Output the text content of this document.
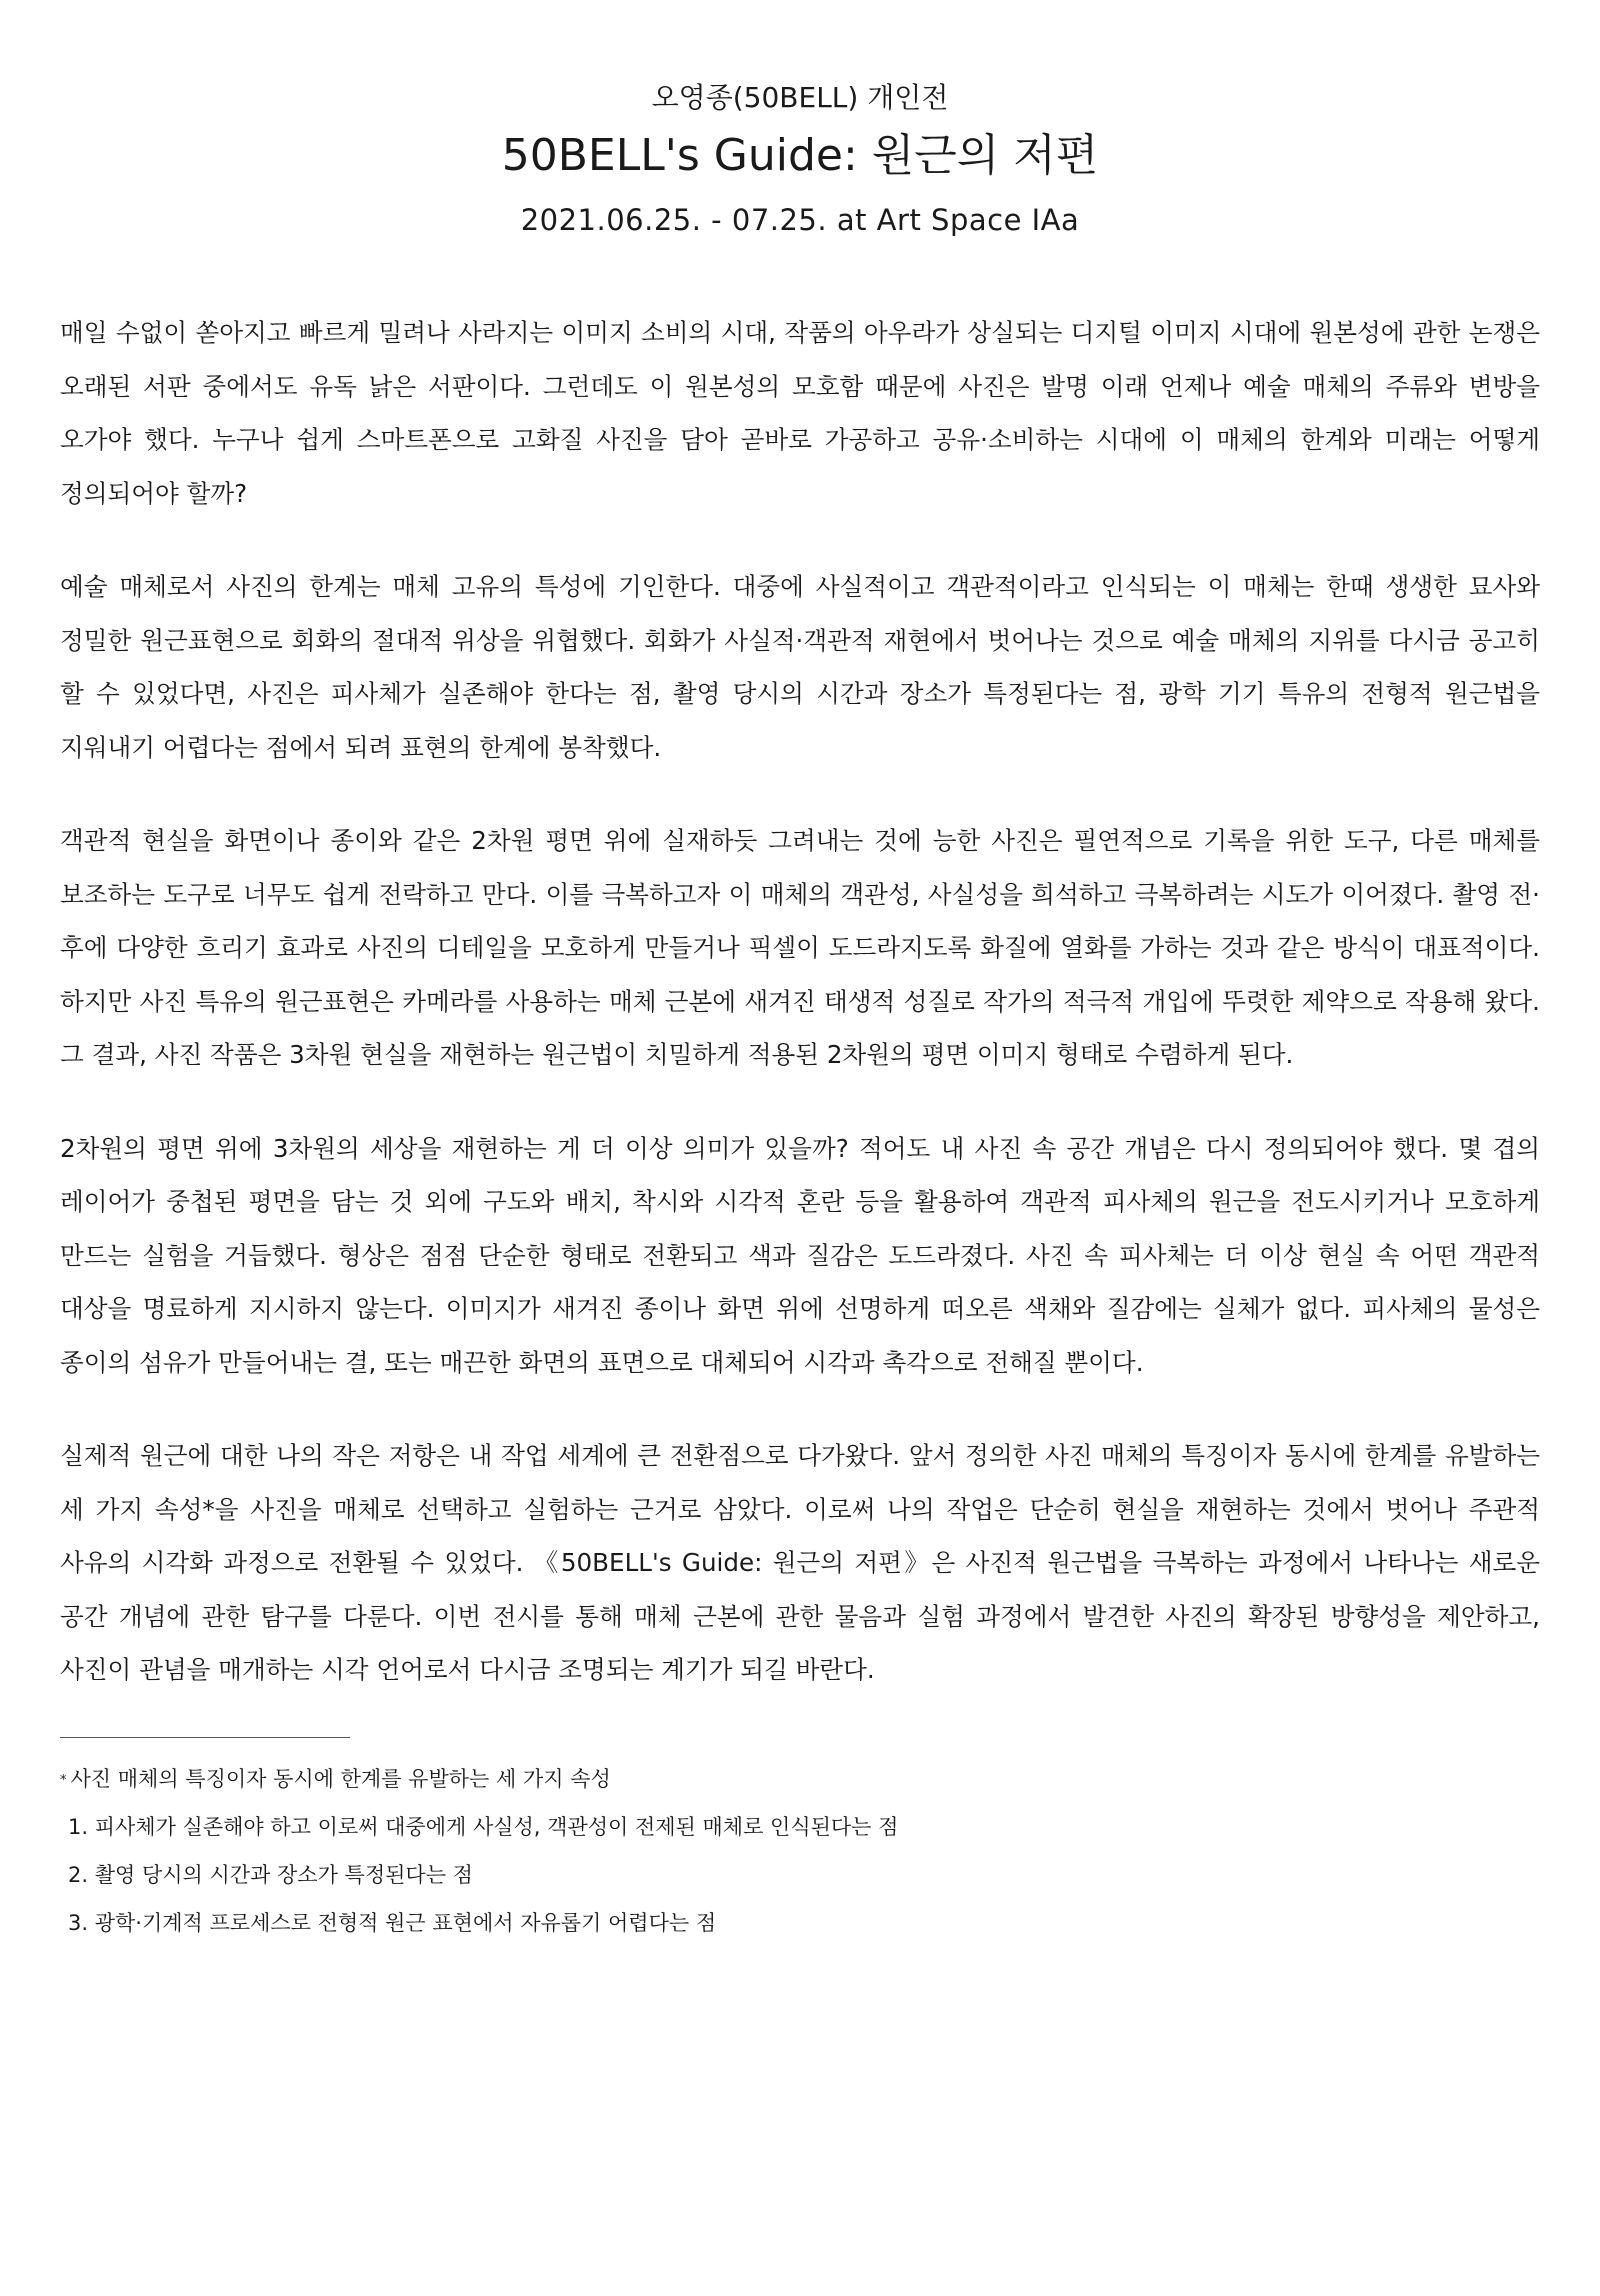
오영종(50BELL) 개인전

50BELL's Guide: 원근의 저편

2021.06.25. - 07.25. at Art Space IAa

매일 수없이 쏟아지고 빠르게 밀려나 사라지는 이미지 소비의 시대, 작품의 아우라가 상실되는 디지털 이미지 시대에 원본성에 관한 논쟁은 오래된 서판 중에서도 유독 낡은 서판이다. 그런데도 이 원본성의 모호함 때문에 사진은 발명 이래 언제나 예술 매체의 주류와 변방을 오가야 했다. 누구나 쉽게 스마트폰으로 고화질 사진을 담아 곧바로 가공하고 공유·소비하는 시대에 이 매체의 한계와 미래는 어떻게 정의되어야 할까?

예술 매체로서 사진의 한계는 매체 고유의 특성에 기인한다. 대중에 사실적이고 객관적이라고 인식되는 이 매체는 한때 생생한 묘사와 정밀한 원근표현으로 회화의 절대적 위상을 위협했다. 회화가 사실적·객관적 재현에서 벗어나는 것으로 예술 매체의 지위를 다시금 공고히 할 수 있었다면, 사진은 피사체가 실존해야 한다는 점, 촬영 당시의 시간과 장소가 특정된다는 점, 광학 기기 특유의 전형적 원근법을 지워내기 어렵다는 점에서 되려 표현의 한계에 봉착했다.

객관적 현실을 화면이나 종이와 같은 2차원 평면 위에 실재하듯 그려내는 것에 능한 사진은 필연적으로 기록을 위한 도구, 다른 매체를 보조하는 도구로 너무도 쉽게 전락하고 만다. 이를 극복하고자 이 매체의 객관성, 사실성을 희석하고 극복하려는 시도가 이어졌다. 촬영 전·후에 다양한 흐리기 효과로 사진의 디테일을 모호하게 만들거나 픽셀이 도드라지도록 화질에 열화를 가하는 것과 같은 방식이 대표적이다. 하지만 사진 특유의 원근표현은 카메라를 사용하는 매체 근본에 새겨진 태생적 성질로 작가의 적극적 개입에 뚜렷한 제약으로 작용해 왔다. 그 결과, 사진 작품은 3차원 현실을 재현하는 원근법이 치밀하게 적용된 2차원의 평면 이미지 형태로 수렴하게 된다.

2차원의 평면 위에 3차원의 세상을 재현하는 게 더 이상 의미가 있을까? 적어도 내 사진 속 공간 개념은 다시 정의되어야 했다. 몇 겹의 레이어가 중첩된 평면을 담는 것 외에 구도와 배치, 착시와 시각적 혼란 등을 활용하여 객관적 피사체의 원근을 전도시키거나 모호하게 만드는 실험을 거듭했다. 형상은 점점 단순한 형태로 전환되고 색과 질감은 도드라졌다. 사진 속 피사체는 더 이상 현실 속 어떤 객관적 대상을 명료하게 지시하지 않는다. 이미지가 새겨진 종이나 화면 위에 선명하게 떠오른 색채와 질감에는 실체가 없다. 피사체의 물성은 종이의 섬유가 만들어내는 결, 또는 매끈한 화면의 표면으로 대체되어 시각과 촉각으로 전해질 뿐이다.

실제적 원근에 대한 나의 작은 저항은 내 작업 세계에 큰 전환점으로 다가왔다. 앞서 정의한 사진 매체의 특징이자 동시에 한계를 유발하는 세 가지 속성*을 사진을 매체로 선택하고 실험하는 근거로 삼았다. 이로써 나의 작업은 단순히 현실을 재현하는 것에서 벗어나 주관적 사유의 시각화 과정으로 전환될 수 있었다. 《50BELL's Guide: 원근의 저편》은 사진적 원근법을 극복하는 과정에서 나타나는 새로운 공간 개념에 관한 탐구를 다룬다. 이번 전시를 통해 매체 근본에 관한 물음과 실험 과정에서 발견한 사진의 확장된 방향성을 제안하고, 사진이 관념을 매개하는 시각 언어로서 다시금 조명되는 계기가 되길 바란다.

* 사진 매체의 특징이자 동시에 한계를 유발하는 세 가지 속성

1. 피사체가 실존해야 하고 이로써 대중에게 사실성, 객관성이 전제된 매체로 인식된다는 점
2. 촬영 당시의 시간과 장소가 특정된다는 점
3. 광학·기계적 프로세스로 전형적 원근 표현에서 자유롭기 어렵다는 점
